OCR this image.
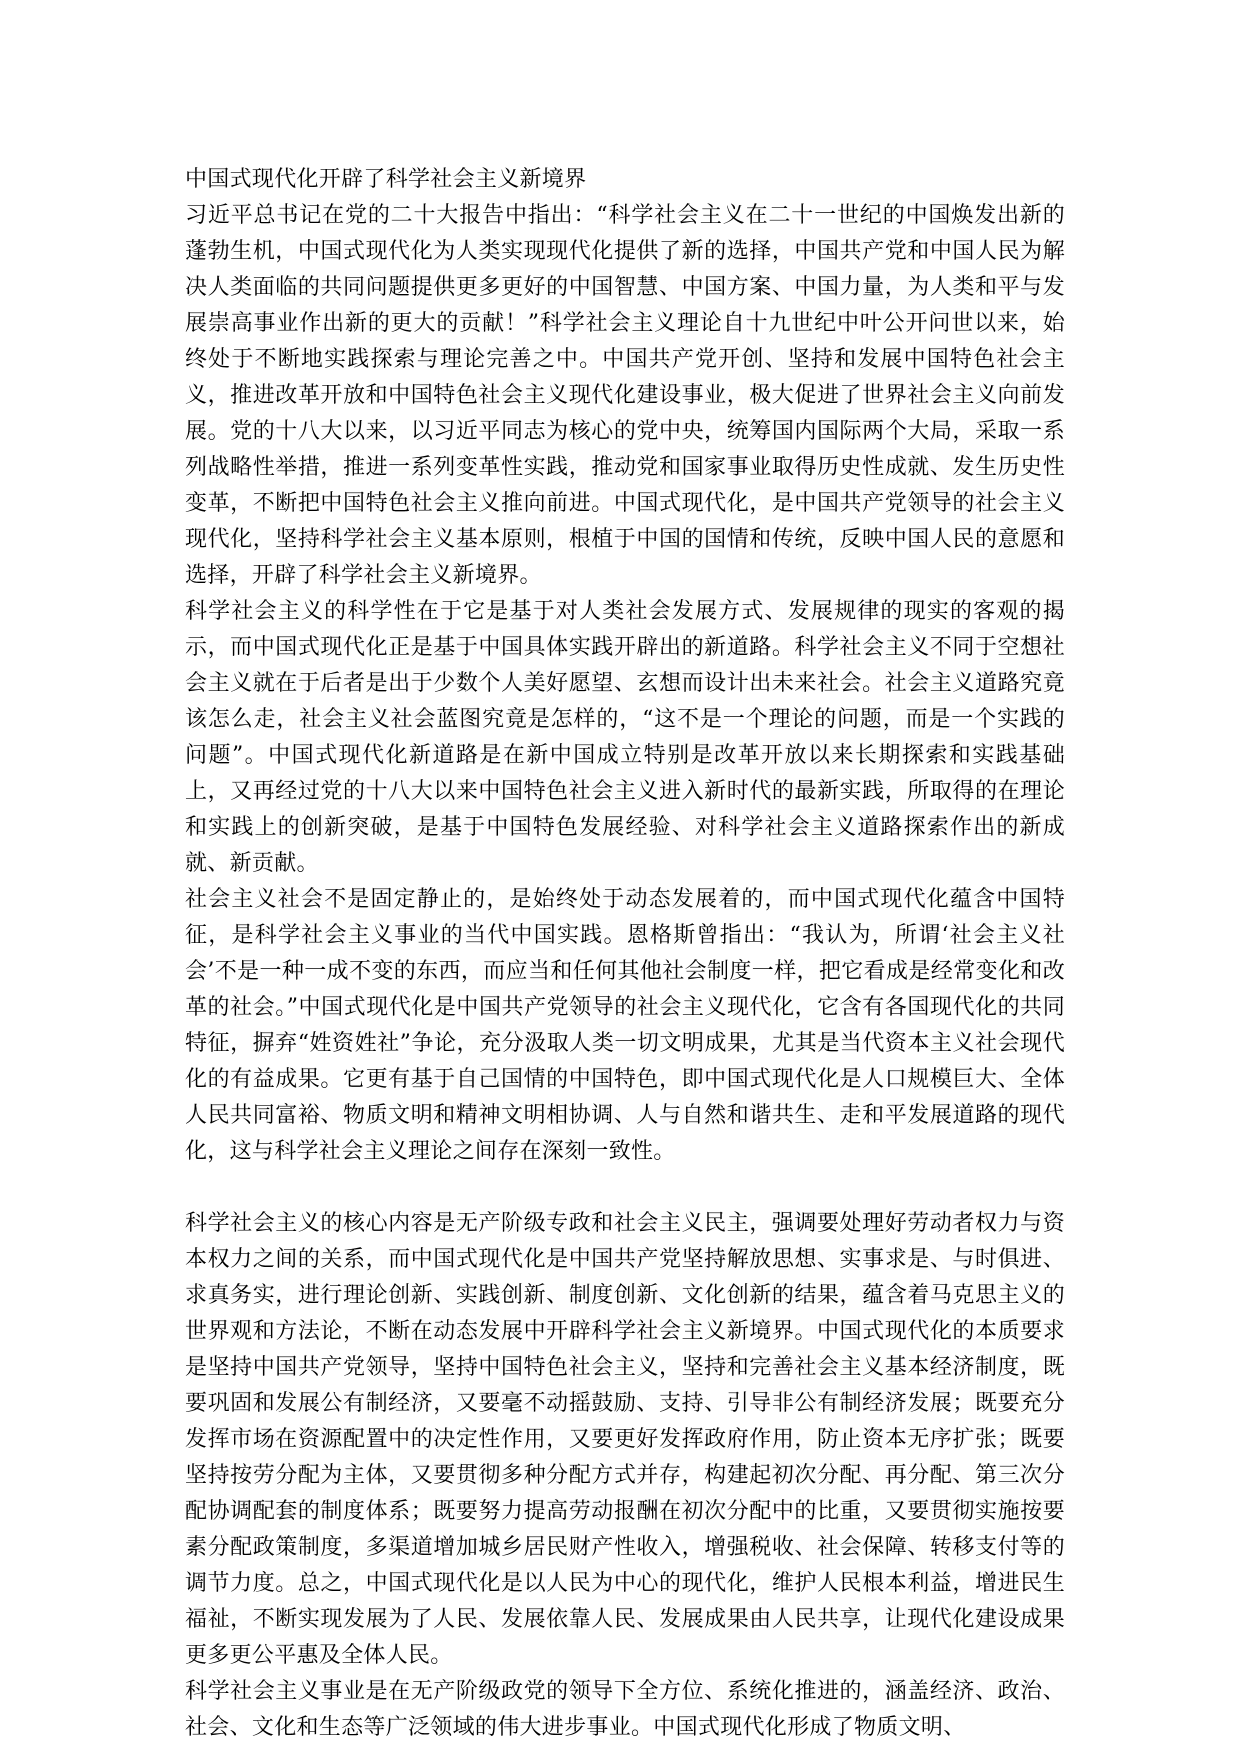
中国式现代化开辟了科学社会主义新境界

习近平总书记在党的二十大报告中指出：“科学社会主义在二十一世纪的中国焕发出新的蓬勃生机，中国式现代化为人类实现现代化提供了新的选择，中国共产党和中国人民为解决人类面临的共同问题提供更多更好的中国智慧、中国方案、中国力量，为人类和平与发展崇高事业作出新的更大的贡献！”科学社会主义理论自十九世纪中叶公开问世以来，始终处于不断地实践探索与理论完善之中。中国共产党开创、坚持和发展中国特色社会主义，推进改革开放和中国特色社会主义现代化建设事业，极大促进了世界社会主义向前发展。党的十八大以来，以习近平同志为核心的党中央，统筹国内国际两个大局，采取一系列战略性举措，推进一系列变革性实践，推动党和国家事业取得历史性成就、发生历史性变革，不断把中国特色社会主义推向前进。中国式现代化，是中国共产党领导的社会主义现代化，坚持科学社会主义基本原则，根植于中国的国情和传统，反映中国人民的意愿和选择，开辟了科学社会主义新境界。

科学社会主义的科学性在于它是基于对人类社会发展方式、发展规律的现实的客观的揭示，而中国式现代化正是基于中国具体实践开辟出的新道路。科学社会主义不同于空想社会主义就在于后者是出于少数个人美好愿望、玄想而设计出未来社会。社会主义道路究竟该怎么走，社会主义社会蓝图究竟是怎样的，“这不是一个理论的问题，而是一个实践的问题”。中国式现代化新道路是在新中国成立特别是改革开放以来长期探索和实践基础上，又再经过党的十八大以来中国特色社会主义进入新时代的最新实践，所取得的在理论和实践上的创新突破，是基于中国特色发展经验、对科学社会主义道路探索作出的新成就、新贡献。

社会主义社会不是固定静止的，是始终处于动态发展着的，而中国式现代化蕴含中国特征，是科学社会主义事业的当代中国实践。恩格斯曾指出：“我认为，所谓‘社会主义社会’不是一种一成不变的东西，而应当和任何其他社会制度一样，把它看成是经常变化和改革的社会。”中国式现代化是中国共产党领导的社会主义现代化，它含有各国现代化的共同特征，摒弃“姓资姓社”争论，充分汲取人类一切文明成果，尤其是当代资本主义社会现代化的有益成果。它更有基于自己国情的中国特色，即中国式现代化是人口规模巨大、全体人民共同富裕、物质文明和精神文明相协调、人与自然和谐共生、走和平发展道路的现代化，这与科学社会主义理论之间存在深刻一致性。

科学社会主义的核心内容是无产阶级专政和社会主义民主，强调要处理好劳动者权力与资本权力之间的关系，而中国式现代化是中国共产党坚持解放思想、实事求是、与时俱进、求真务实，进行理论创新、实践创新、制度创新、文化创新的结果，蕴含着马克思主义的世界观和方法论，不断在动态发展中开辟科学社会主义新境界。中国式现代化的本质要求是坚持中国共产党领导，坚持中国特色社会主义，坚持和完善社会主义基本经济制度，既要巩固和发展公有制经济，又要毫不动摇鼓励、支持、引导非公有制经济发展；既要充分发挥市场在资源配置中的决定性作用，又要更好发挥政府作用，防止资本无序扩张；既要坚持按劳分配为主体，又要贯彻多种分配方式并存，构建起初次分配、再分配、第三次分配协调配套的制度体系；既要努力提高劳动报酬在初次分配中的比重，又要贯彻实施按要素分配政策制度，多渠道增加城乡居民财产性收入，增强税收、社会保障、转移支付等的调节力度。总之，中国式现代化是以人民为中心的现代化，维护人民根本利益，增进民生福祉，不断实现发展为了人民、发展依靠人民、发展成果由人民共享，让现代化建设成果更多更公平惠及全体人民。

科学社会主义事业是在无产阶级政党的领导下全方位、系统化推进的，涵盖经济、政治、社会、文化和生态等广泛领域的伟大进步事业。中国式现代化形成了物质文明、
